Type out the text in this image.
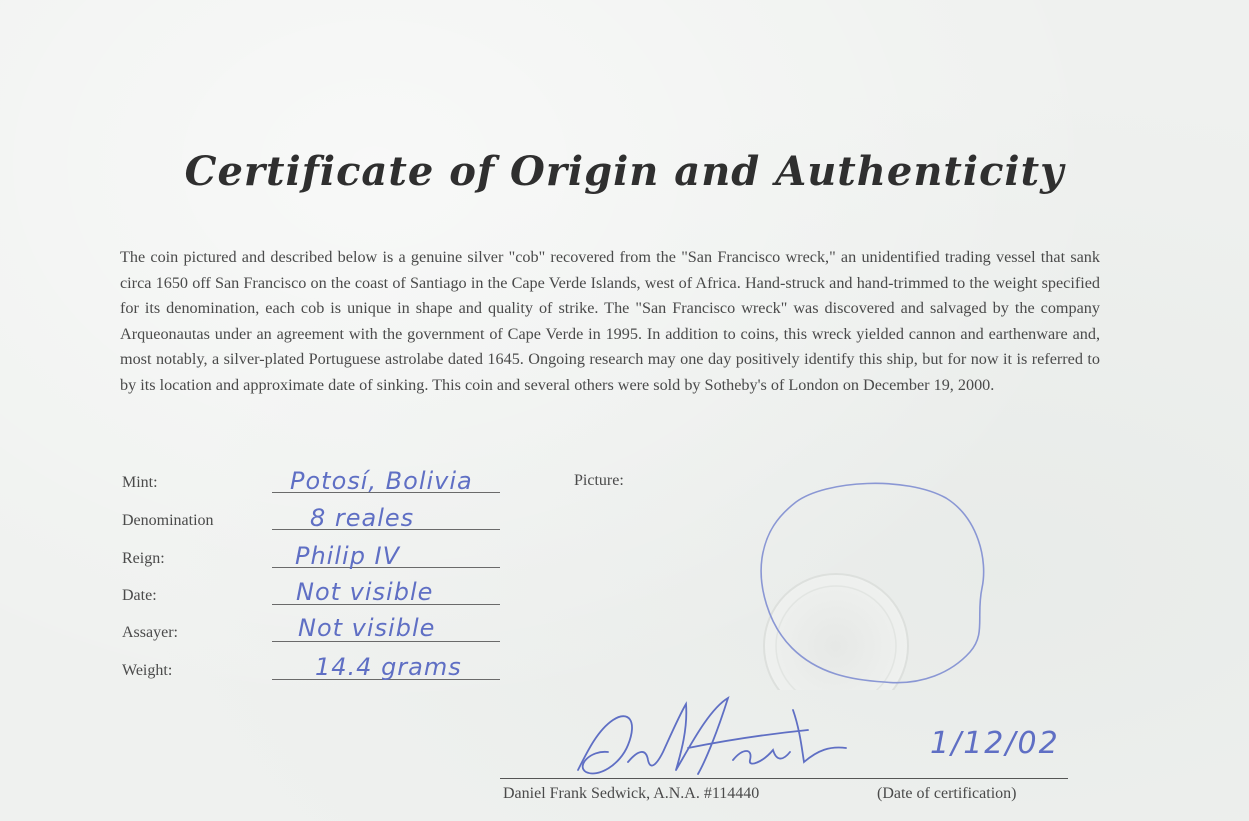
Certificate of Origin and Authenticity
The coin pictured and described below is a genuine silver "cob" recovered from the "San Francisco wreck," an unidentified trading vessel that sank circa 1650 off San Francisco on the coast of Santiago in the Cape Verde Islands, west of Africa. Hand-struck and hand-trimmed to the weight specified for its denomination, each cob is unique in shape and quality of strike. The "San Francisco wreck" was discovered and salvaged by the company Arqueonautas under an agreement with the government of Cape Verde in 1995. In addition to coins, this wreck yielded cannon and earthenware and, most notably, a silver-plated Portuguese astrolabe dated 1645. Ongoing research may one day positively identify this ship, but for now it is referred to by its location and approximate date of sinking. This coin and several others were sold by Sotheby's of London on December 19, 2000.
Mint:	Potosí, Bolivia
Denomination	8 reales
Reign:	Philip IV
Date:	Not visible
Assayer:	Not visible
Weight:	14.4 grams
Picture:
1/12/02
Daniel Frank Sedwick, A.N.A. #114440	(Date of certification)
